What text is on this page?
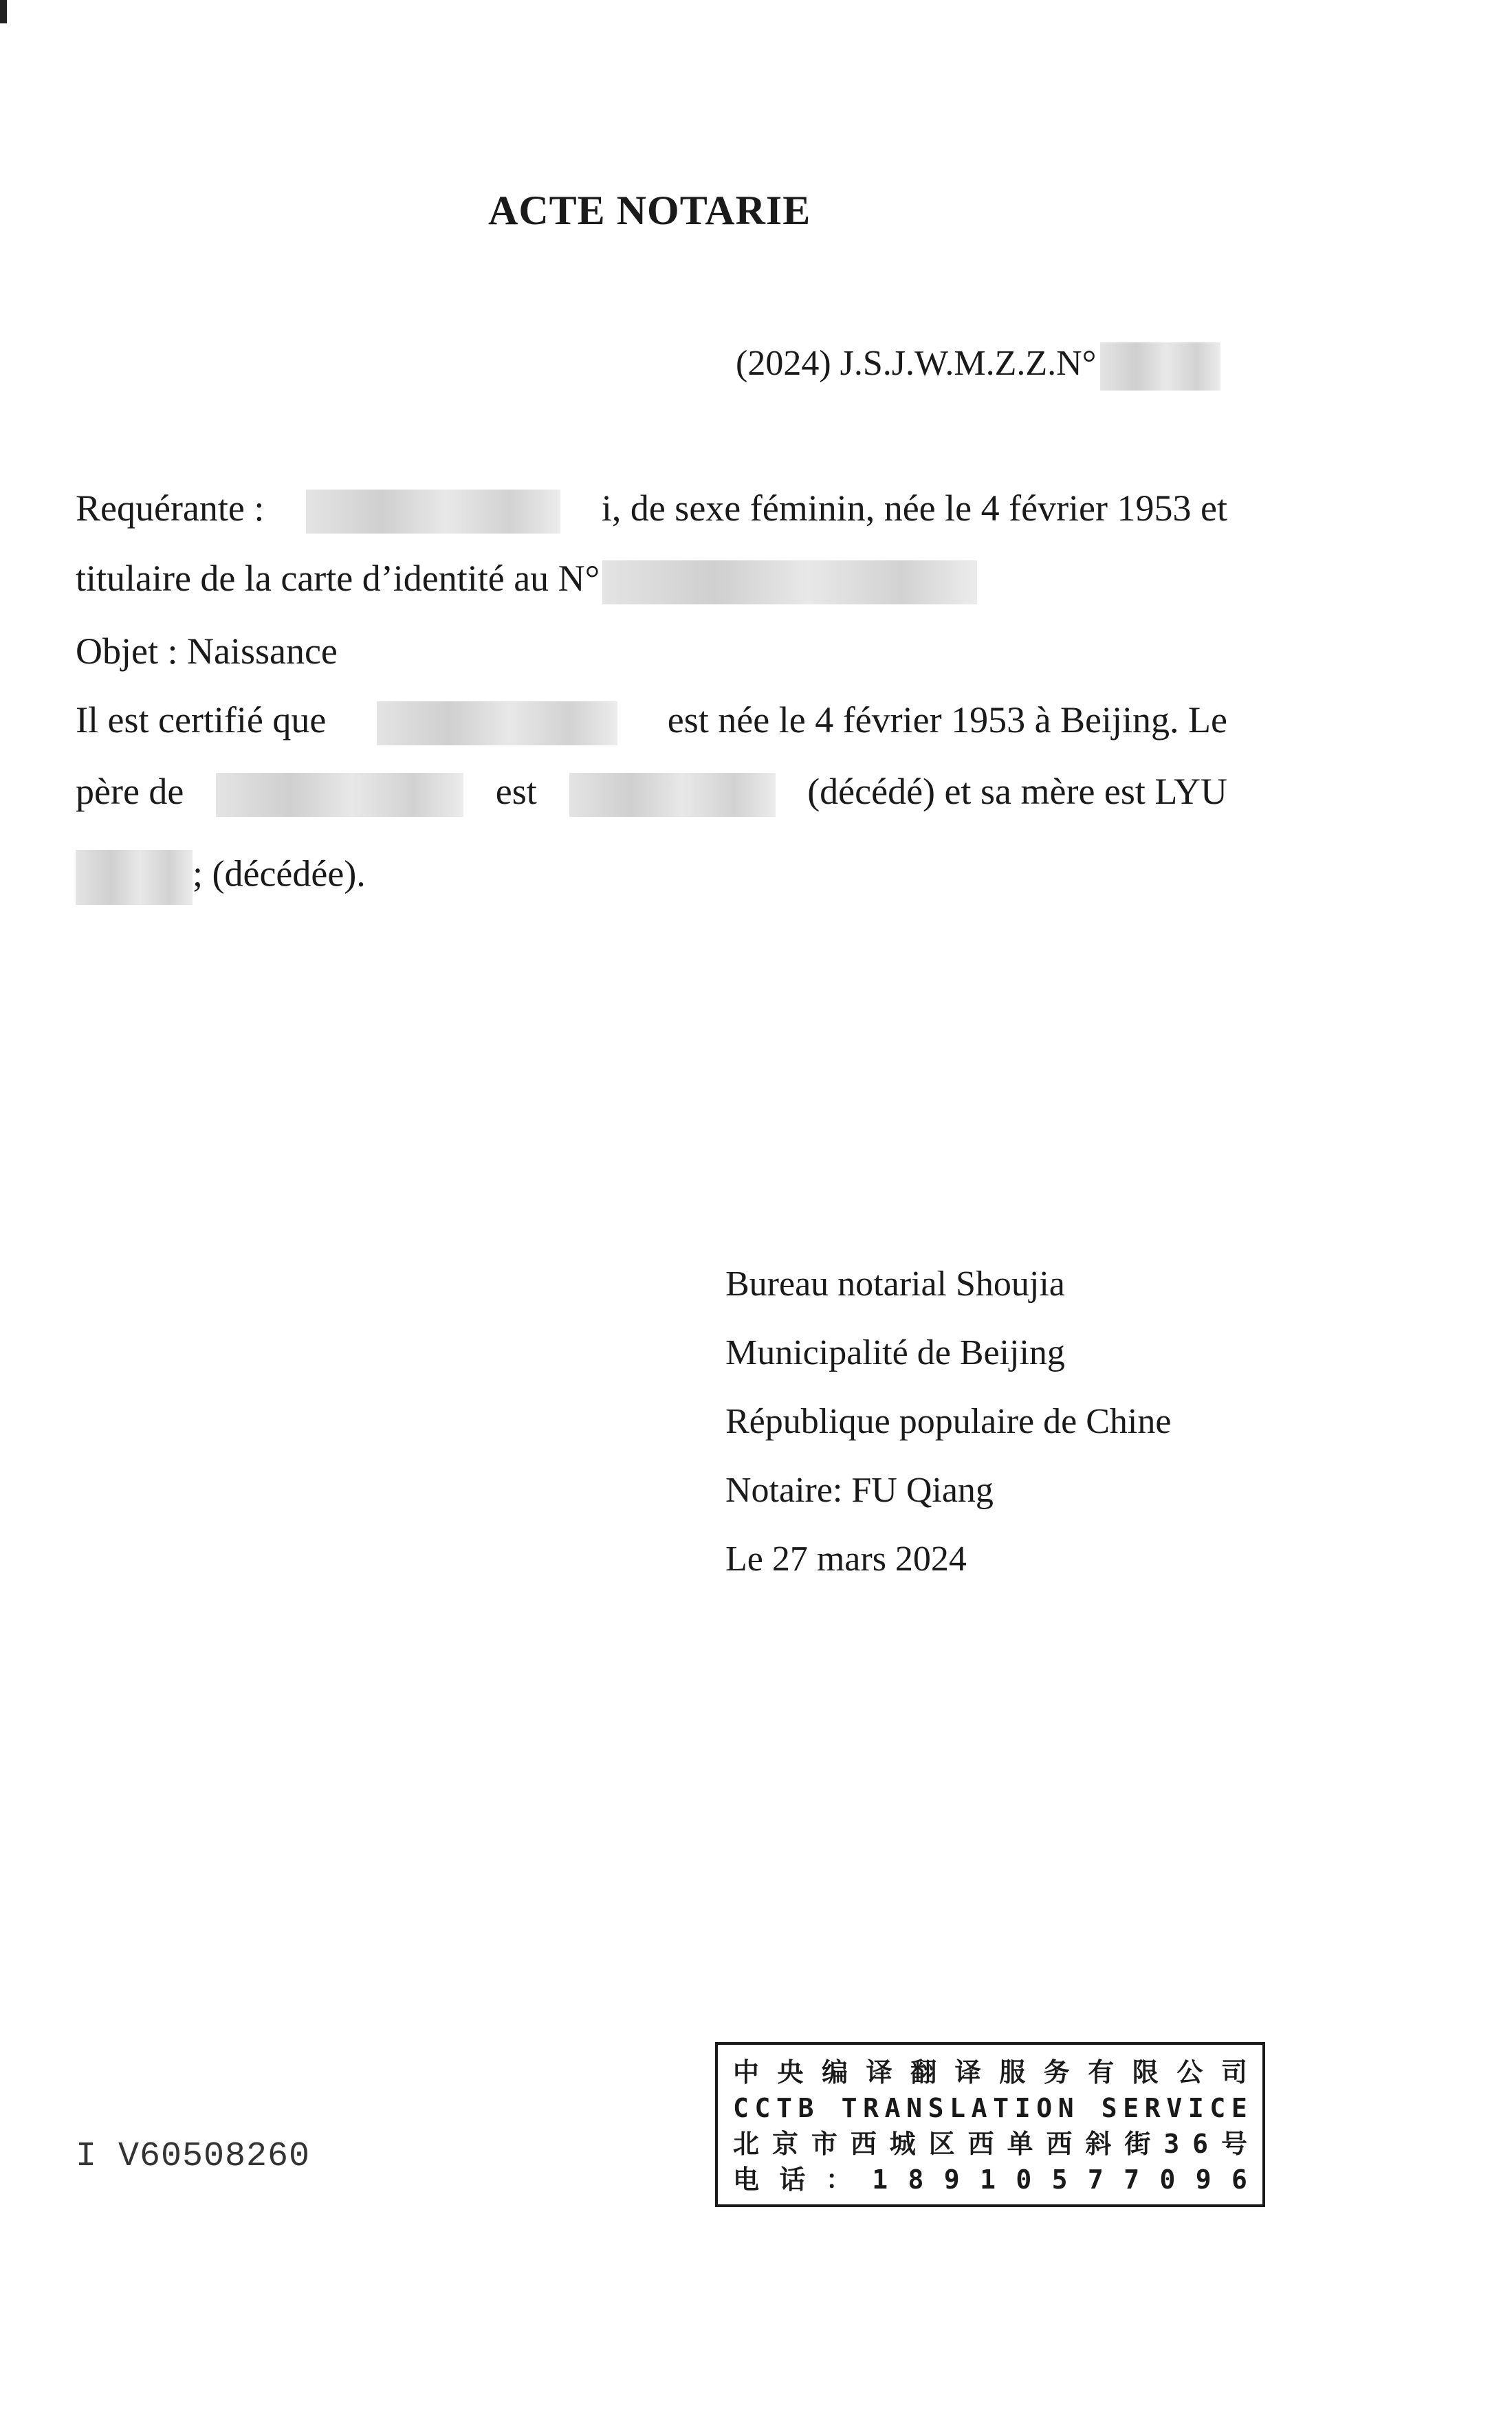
ACTE NOTARIE
(2024) J.S.J.W.M.Z.Z.N°
Requérante :	i, de sexe féminin, née le 4 février 1953 et
titulaire de la carte d’identité au N°
Objet : Naissance
Il est certifié que	est née le 4 février 1953 à Beijing. Le
père de	est	(décédé) et sa mère est LYU
; (décédée).
Bureau notarial Shoujia
Municipalité de Beijing
République populaire de Chine
Notaire: FU Qiang
Le 27 mars 2024
I V60508260
中 央 编 译 翻 译 服 务 有 限 公 司
C C T B
T R A N S L A T I O N
S E R V I C E
北 京 市 西 城 区 西 单 西 斜 街 3 6 号
电 话 ： 1 8 9 1 0 5 7 7 0 9 6
